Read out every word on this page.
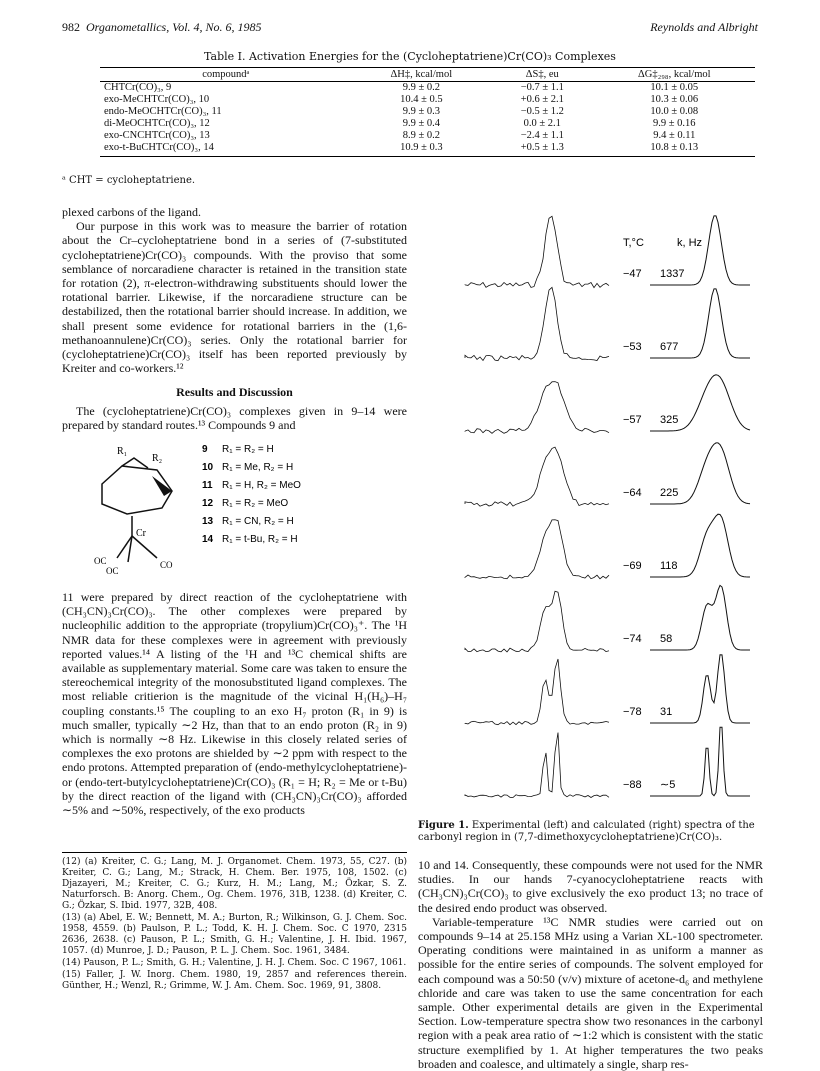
982 Organometallics, Vol. 4, No. 6, 1985	Reynolds and Albright
Table I. Activation Energies for the (Cycloheptatriene)Cr(CO)₃ Complexes
compoundᵃ	ΔH‡, kcal/mol	ΔS‡, eu	ΔG‡₂₉₈, kcal/mol
CHTCr(CO)₃, 9	9.9 ± 0.2	−0.7 ± 1.1	10.1 ± 0.05
exo-MeCHTCr(CO)₃, 10	10.4 ± 0.5	+0.6 ± 2.1	10.3 ± 0.06
endo-MeOCHTCr(CO)₃, 11	9.9 ± 0.3	−0.5 ± 1.2	10.0 ± 0.08
di-MeOCHTCr(CO)₃, 12	9.9 ± 0.4	0.0 ± 2.1	9.9 ± 0.16
exo-CNCHTCr(CO)₃, 13	8.9 ± 0.2	−2.4 ± 1.1	9.4 ± 0.11
exo-t-BuCHTCr(CO)₃, 14	10.9 ± 0.3	+0.5 ± 1.3	10.8 ± 0.13
ᵃ CHT = cycloheptatriene.

plexed carbons of the ligand.

Our purpose in this work was to measure the barrier of rotation about the Cr–cycloheptatriene bond in a series of (7-substituted cycloheptatriene)Cr(CO)₃ compounds. With the proviso that some semblance of norcaradiene character is retained in the transition state for rotation (2), π-electron-withdrawing substituents should lower the rotational barrier. Likewise, if the norcaradiene structure can be destabilized, then the rotational barrier should increase. In addition, we shall present some evidence for rotational barriers in the (1,6-methanoannulene)Cr(CO)₃ series. Only the rotational barrier for (cycloheptatriene)Cr(CO)₃ itself has been reported previously by Kreiter and co-workers.¹²

Results and Discussion

The (cycloheptatriene)Cr(CO)₃ complexes given in 9–14 were prepared by standard routes.¹³ Compounds 9 and

R₁
R₂
Cr
OC
OC
CO
9 R₁ = R₂ = H
10 R₁ = Me, R₂ = H
11 R₁ = H, R₂ = MeO
12 R₁ = R₂ = MeO
13 R₁ = CN, R₂ = H
14 R₁ = t-Bu, R₂ = H

11 were prepared by direct reaction of the cycloheptatriene with (CH₃CN)₃Cr(CO)₃. The other complexes were prepared by nucleophilic addition to the appropriate (tropylium)Cr(CO)₃⁺. The ¹H NMR data for these complexes were in agreement with previously reported values.¹⁴ A listing of the ¹H and ¹³C chemical shifts are available as supplementary material. Some care was taken to ensure the stereochemical integrity of the monosubstituted ligand complexes. The most reliable critierion is the magnitude of the vicinal H₁(H₆)–H₇ coupling constants.¹⁵ The coupling to an exo H₇ proton (R₁ in 9) is much smaller, typically ∼2 Hz, than that to an endo proton (R₂ in 9) which is normally ∼8 Hz. Likewise in this closely related series of complexes the exo protons are shielded by ∼2 ppm with respect to the endo protons. Attempted preparation of (endo-methylcycloheptatriene)- or (endo-tert-butylcycloheptatriene)Cr(CO)₃ (R₁ = H; R₂ = Me or t-Bu) by the direct reaction of the ligand with (CH₃CN)₃Cr(CO)₃ afforded ∼5% and ∼50%, respectively, of the exo products

(12) (a) Kreiter, C. G.; Lang, M. J. Organomet. Chem. 1973, 55, C27. (b) Kreiter, C. G.; Lang, M.; Strack, H. Chem. Ber. 1975, 108, 1502. (c) Djazayeri, M.; Kreiter, C. G.; Kurz, H. M.; Lang, M.; Özkar, S. Z. Naturforsch. B: Anorg. Chem., Og. Chem. 1976, 31B, 1238. (d) Kreiter, C. G.; Özkar, S. Ibid. 1977, 32B, 408.

(13) (a) Abel, E. W.; Bennett, M. A.; Burton, R.; Wilkinson, G. J. Chem. Soc. 1958, 4559. (b) Paulson, P. L.; Todd, K. H. J. Chem. Soc. C 1970, 2315 2636, 2638. (c) Pauson, P. L.; Smith, G. H.; Valentine, J. H. Ibid. 1967, 1057. (d) Munroe, J. D.; Pauson, P. L. J. Chem. Soc. 1961, 3484.

(14) Pauson, P. L.; Smith, G. H.; Valentine, J. H. J. Chem. Soc. C 1967, 1061.

(15) Faller, J. W. Inorg. Chem. 1980, 19, 2857 and references therein. Günther, H.; Wenzl, R.; Grimme, W. J. Am. Chem. Soc. 1969, 91, 3808.

T,°C	k, Hz
−47 1337
−53 677
−57 325
−64 225
−69 118
−74 58
−78 31
−88 ∼5
Figure 1. Experimental (left) and calculated (right) spectra of the carbonyl region in (7,7-dimethoxycycloheptatriene)Cr(CO)₃.

10 and 14. Consequently, these compounds were not used for the NMR studies. In our hands 7-cyanocycloheptatriene reacts with (CH₃CN)₃Cr(CO)₃ to give exclusively the exo product 13; no trace of the desired endo product was observed.

Variable-temperature ¹³C NMR studies were carried out on compounds 9–14 at 25.158 MHz using a Varian XL-100 spectrometer. Operating conditions were maintained in as uniform a manner as possible for the entire series of compounds. The solvent employed for each compound was a 50:50 (v/v) mixture of acetone-d₆ and methylene chloride and care was taken to use the same concentration for each sample. Other experimental details are given in the Experimental Section. Low-temperature spectra show two resonances in the carbonyl region with a peak area ratio of ∼1:2 which is consistent with the static structure exemplified by 1. At higher temperatures the two peaks broaden and coalesce, and ultimately a single, sharp res-
